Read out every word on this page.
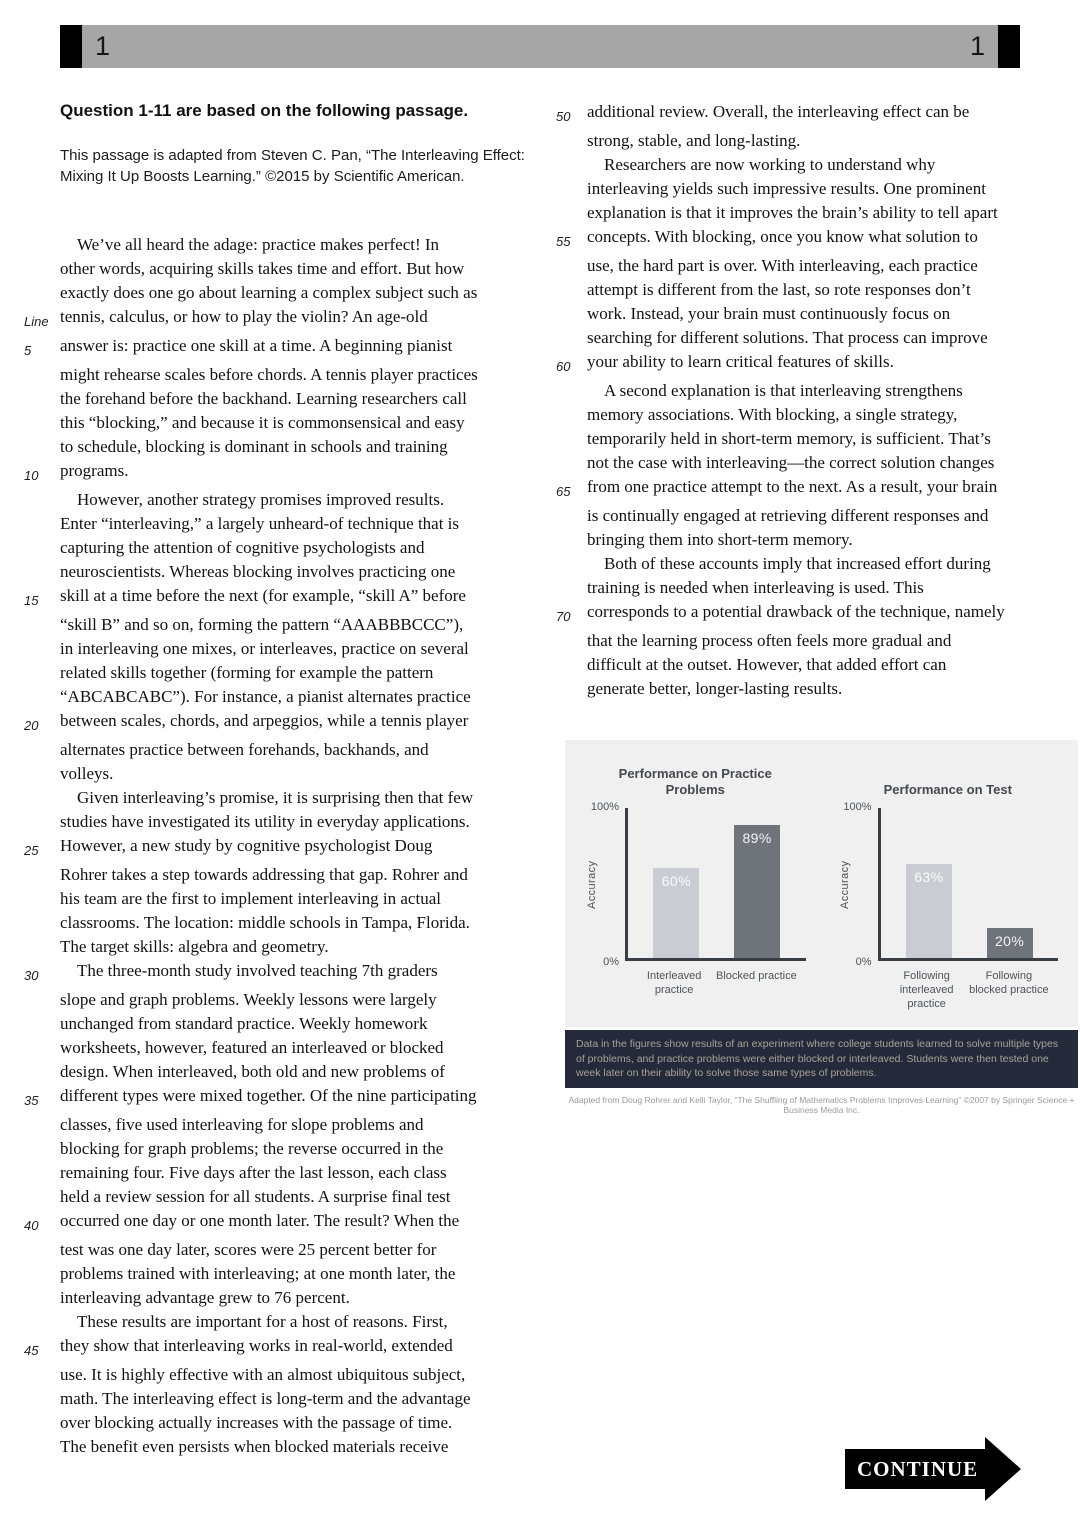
1	1
Question 1-11 are based on the following passage.
This passage is adapted from Steven C. Pan, “The Interleaving Effect: Mixing It Up Boosts Learning.” ©2015 by Scientific American.
We’ve all heard the adage: practice makes perfect! In
other words, acquiring skills takes time and effort. But how
exactly does one go about learning a complex subject such as
Line tennis, calculus, or how to play the violin? An age-old
5	answer is: practice one skill at a time. A beginning pianist
might rehearse scales before chords. A tennis player practices
the forehand before the backhand. Learning researchers call
this “blocking,” and because it is commonsensical and easy
to schedule, blocking is dominant in schools and training
10	programs.
However, another strategy promises improved results.
Enter “interleaving,” a largely unheard-of technique that is
capturing the attention of cognitive psychologists and
neuroscientists. Whereas blocking involves practicing one
15	skill at a time before the next (for example, “skill A” before
“skill B” and so on, forming the pattern “AAABBBCCC”),
in interleaving one mixes, or interleaves, practice on several
related skills together (forming for example the pattern
“ABCABCABC”). For instance, a pianist alternates practice
20	between scales, chords, and arpeggios, while a tennis player
alternates practice between forehands, backhands, and
volleys.
Given interleaving’s promise, it is surprising then that few
studies have investigated its utility in everyday applications.
25	However, a new study by cognitive psychologist Doug
Rohrer takes a step towards addressing that gap. Rohrer and
his team are the first to implement interleaving in actual
classrooms. The location: middle schools in Tampa, Florida.
The target skills: algebra and geometry.
30	The three-month study involved teaching 7th graders
slope and graph problems. Weekly lessons were largely
unchanged from standard practice. Weekly homework
worksheets, however, featured an interleaved or blocked
design. When interleaved, both old and new problems of
35	different types were mixed together. Of the nine participating
classes, five used interleaving for slope problems and
blocking for graph problems; the reverse occurred in the
remaining four. Five days after the last lesson, each class
held a review session for all students. A surprise final test
40	occurred one day or one month later. The result? When the
test was one day later, scores were 25 percent better for
problems trained with interleaving; at one month later, the
interleaving advantage grew to 76 percent.
These results are important for a host of reasons. First,
45	they show that interleaving works in real-world, extended
use. It is highly effective with an almost ubiquitous subject,
math. The interleaving effect is long-term and the advantage
over blocking actually increases with the passage of time.
The benefit even persists when blocked materials receive
50 additional review. Overall, the interleaving effect can be
strong, stable, and long-lasting.
Researchers are now working to understand why
interleaving yields such impressive results. One prominent
explanation is that it improves the brain’s ability to tell apart
55 concepts. With blocking, once you know what solution to
use, the hard part is over. With interleaving, each practice
attempt is different from the last, so rote responses don’t
work. Instead, your brain must continuously focus on
searching for different solutions. That process can improve
60 your ability to learn critical features of skills.
A second explanation is that interleaving strengthens
memory associations. With blocking, a single strategy,
temporarily held in short-term memory, is sufficient. That’s
not the case with interleaving—the correct solution changes
65 from one practice attempt to the next. As a result, your brain
is continually engaged at retrieving different responses and
bringing them into short-term memory.
Both of these accounts imply that increased effort during
training is needed when interleaving is used. This
70 corresponds to a potential drawback of the technique, namely
that the learning process often feels more gradual and
difficult at the outset. However, that added effort can
generate better, longer-lasting results.
Performance on Practice Problems
60%
89%
100%
0%
Accuracy
Interleaved practice
Blocked practice
Performance on Test
63%
20%
100%
0%
Accuracy
Following interleaved practice
Following blocked practice
Data in the figures show results of an experiment where college students learned to solve multiple types of problems, and practice problems were either blocked or interleaved. Students were then tested one week later on their ability to solve those same types of problems.
Adapted from Doug Rohrer and Kelli Taylor, “The Shuffling of Mathematics Problems Improves Learning” ©2007 by Springer Science + Business Media Inc.
CONTINUE
